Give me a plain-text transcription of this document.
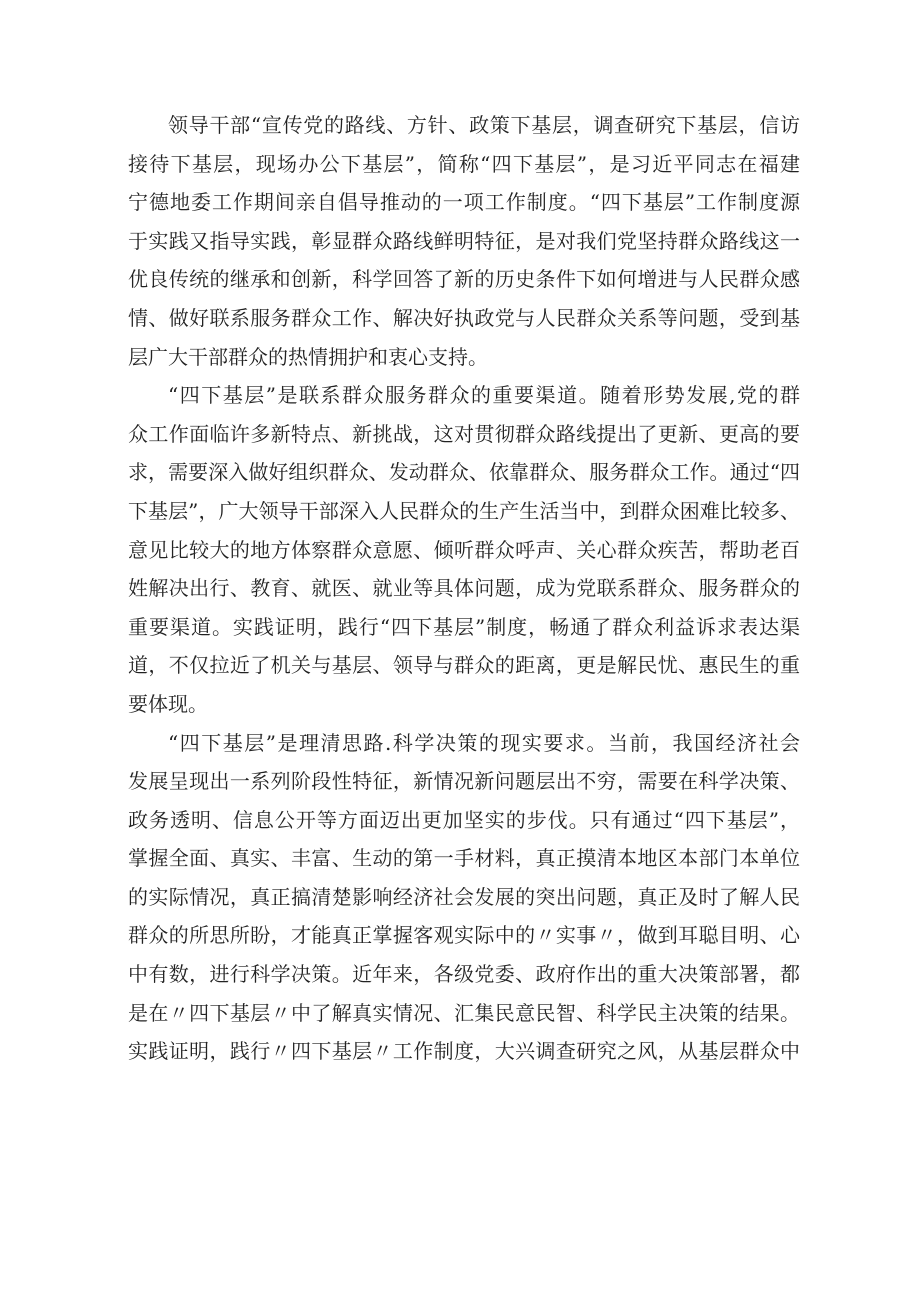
领导干部“宣传党的路线、方针、政策下基层，调查研究下基层，信访
接待下基层，现场办公下基层”，简称“四下基层”，是习近平同志在福建
宁德地委工作期间亲自倡导推动的一项工作制度。“四下基层”工作制度源
于实践又指导实践，彰显群众路线鲜明特征，是对我们党坚持群众路线这一
优良传统的继承和创新，科学回答了新的历史条件下如何增进与人民群众感
情、做好联系服务群众工作、解决好执政党与人民群众关系等问题，受到基
层广大干部群众的热情拥护和衷心支持。
“四下基层”是联系群众服务群众的重要渠道。随着形势发展,党的群
众工作面临许多新特点、新挑战，这对贯彻群众路线提出了更新、更高的要
求，需要深入做好组织群众、发动群众、依靠群众、服务群众工作。通过“四
下基层”，广大领导干部深入人民群众的生产生活当中，到群众困难比较多、
意见比较大的地方体察群众意愿、倾听群众呼声、关心群众疾苦，帮助老百
姓解决出行、教育、就医、就业等具体问题，成为党联系群众、服务群众的
重要渠道。实践证明，践行“四下基层”制度，畅通了群众利益诉求表达渠
道，不仅拉近了机关与基层、领导与群众的距离，更是解民忧、惠民生的重
要体现。
“四下基层”是理清思路.科学决策的现实要求。当前，我国经济社会
发展呈现出一系列阶段性特征，新情况新问题层出不穷，需要在科学决策、
政务透明、信息公开等方面迈出更加坚实的步伐。只有通过“四下基层”，
掌握全面、真实、丰富、生动的第一手材料，真正摸清本地区本部门本单位
的实际情况，真正搞清楚影响经济社会发展的突出问题，真正及时了解人民
群众的所思所盼，才能真正掌握客观实际中的〃实事〃，做到耳聪目明、心
中有数，进行科学决策。近年来，各级党委、政府作出的重大决策部署，都
是在〃四下基层〃中了解真实情况、汇集民意民智、科学民主决策的结果。
实践证明，践行〃四下基层〃工作制度，大兴调查研究之风，从基层群众中
